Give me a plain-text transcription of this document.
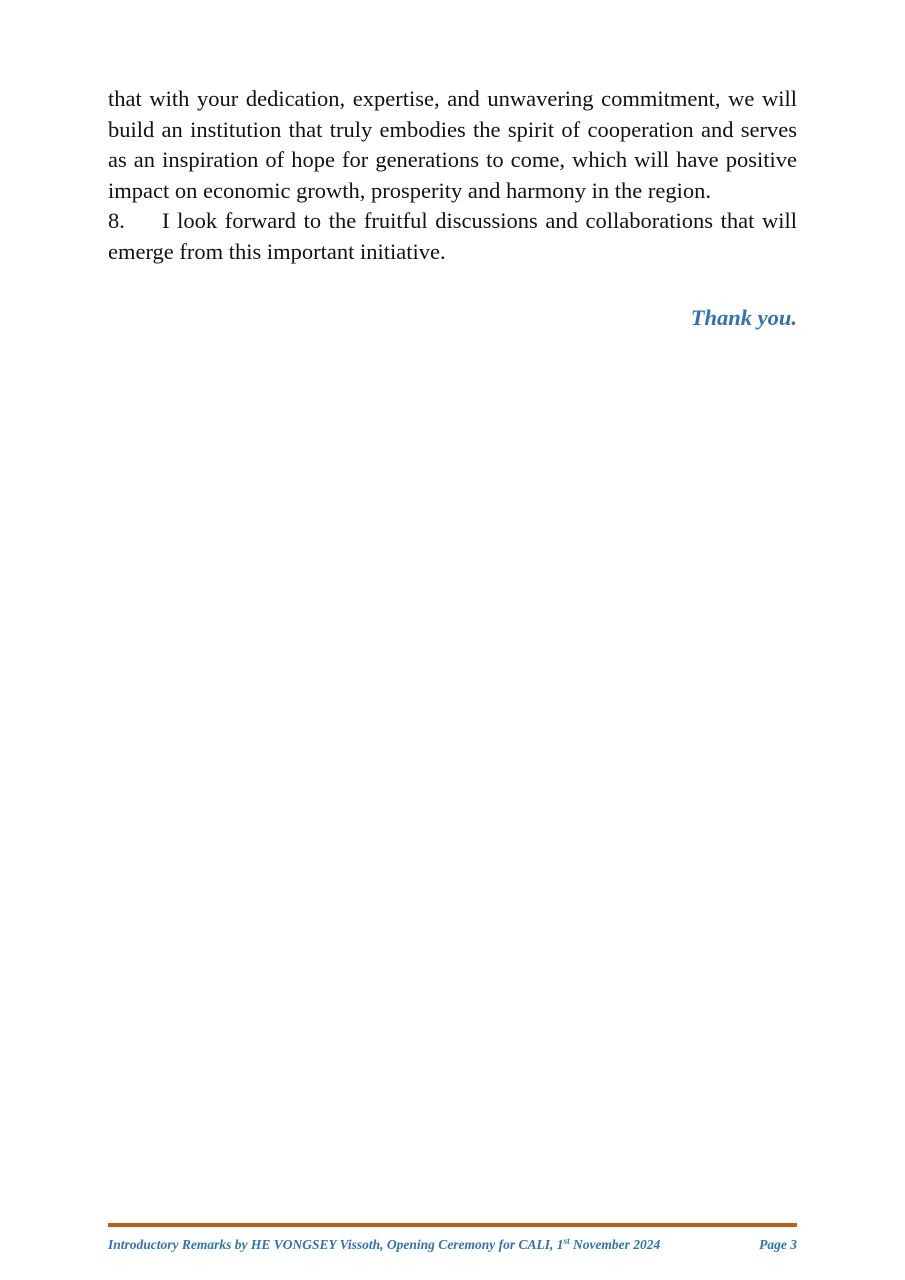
that with your dedication, expertise, and unwavering commitment, we will build an institution that truly embodies the spirit of cooperation and serves as an inspiration of hope for generations to come, which will have positive impact on economic growth, prosperity and harmony in the region.

8. I look forward to the fruitful discussions and collaborations that will emerge from this important initiative.

Thank you.

Introductory Remarks by HE VONGSEY Vissoth, Opening Ceremony for CALI, 1st November 2024	Page 3
